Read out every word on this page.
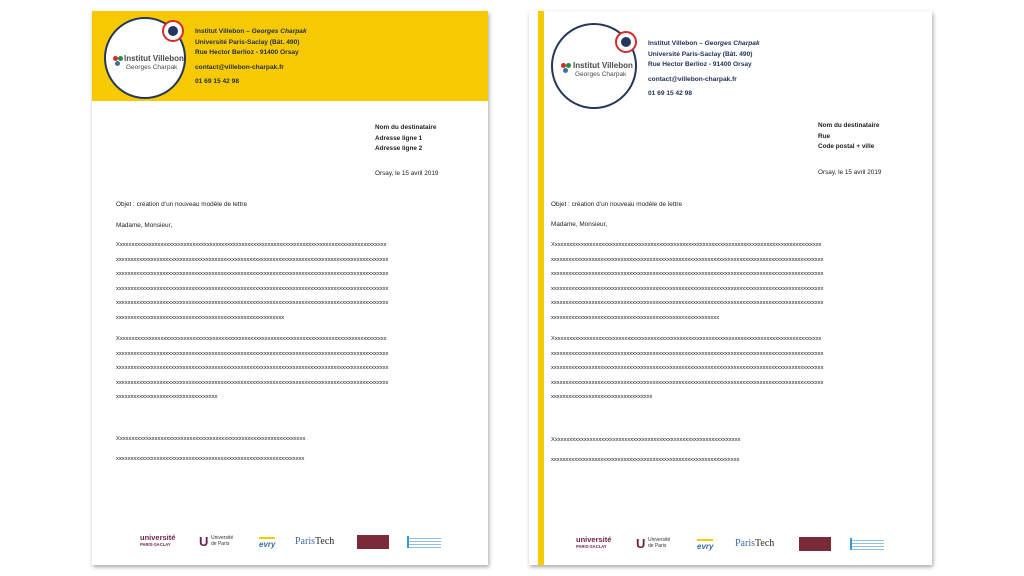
Institut Villebon
Georges Charpak
Institut Villebon – Georges Charpak
Université Paris-Saclay (Bât. 490)
Rue Hector Berlioz - 91400 Orsay
contact@villebon-charpak.fr
01 69 15 42 98
Nom du destinataire
Adresse ligne 1
Adresse ligne 2
Orsay, le 15 avril 2019
Objet : création d’un nouveau modèle de lettre
Madame, Monsieur,
Xxxxxxxxxxxxxxxxxxxxxxxxxxxxxxxxxxxxxxxxxxxxxxxxxxxxxxxxxxxxxxxxxxxxxxxxxxxxxxxxxxxxxxxxxxxxx
xxxxxxxxxxxxxxxxxxxxxxxxxxxxxxxxxxxxxxxxxxxxxxxxxxxxxxxxxxxxxxxxxxxxxxxxxxxxxxxxxxxxxxxxxxxxxx
xxxxxxxxxxxxxxxxxxxxxxxxxxxxxxxxxxxxxxxxxxxxxxxxxxxxxxxxxxxxxxxxxxxxxxxxxxxxxxxxxxxxxxxxxxxxxx
xxxxxxxxxxxxxxxxxxxxxxxxxxxxxxxxxxxxxxxxxxxxxxxxxxxxxxxxxxxxxxxxxxxxxxxxxxxxxxxxxxxxxxxxxxxxxx
xxxxxxxxxxxxxxxxxxxxxxxxxxxxxxxxxxxxxxxxxxxxxxxxxxxxxxxxxxxxxxxxxxxxxxxxxxxxxxxxxxxxxxxxxxxxxx
xxxxxxxxxxxxxxxxxxxxxxxxxxxxxxxxxxxxxxxxxxxxxxxxxxxxxxxxxx
Xxxxxxxxxxxxxxxxxxxxxxxxxxxxxxxxxxxxxxxxxxxxxxxxxxxxxxxxxxxxxxxxxxxxxxxxxxxxxxxxxxxxxxxxxxxxx
xxxxxxxxxxxxxxxxxxxxxxxxxxxxxxxxxxxxxxxxxxxxxxxxxxxxxxxxxxxxxxxxxxxxxxxxxxxxxxxxxxxxxxxxxxxxxx
xxxxxxxxxxxxxxxxxxxxxxxxxxxxxxxxxxxxxxxxxxxxxxxxxxxxxxxxxxxxxxxxxxxxxxxxxxxxxxxxxxxxxxxxxxxxxx
xxxxxxxxxxxxxxxxxxxxxxxxxxxxxxxxxxxxxxxxxxxxxxxxxxxxxxxxxxxxxxxxxxxxxxxxxxxxxxxxxxxxxxxxxxxxxx
xxxxxxxxxxxxxxxxxxxxxxxxxxxxxxxxxxx
Xxxxxxxxxxxxxxxxxxxxxxxxxxxxxxxxxxxxxxxxxxxxxxxxxxxxxxxxxxxxxxxxx
xxxxxxxxxxxxxxxxxxxxxxxxxxxxxxxxxxxxxxxxxxxxxxxxxxxxxxxxxxxxxxxxx
université
PARIS-SACLAY	U Université
de Paris	evry ParisTech
Institut Villebon
Georges Charpak
Institut Villebon – Georges Charpak
Université Paris-Saclay (Bât. 490)
Rue Hector Berlioz - 91400 Orsay
contact@villebon-charpak.fr
01 69 15 42 98
Nom du destinataire
Rue
Code postal + ville
Orsay, le 15 avril 2019
Objet : création d’un nouveau modèle de lettre
Madame, Monsieur,
Xxxxxxxxxxxxxxxxxxxxxxxxxxxxxxxxxxxxxxxxxxxxxxxxxxxxxxxxxxxxxxxxxxxxxxxxxxxxxxxxxxxxxxxxxxxxx
xxxxxxxxxxxxxxxxxxxxxxxxxxxxxxxxxxxxxxxxxxxxxxxxxxxxxxxxxxxxxxxxxxxxxxxxxxxxxxxxxxxxxxxxxxxxxx
xxxxxxxxxxxxxxxxxxxxxxxxxxxxxxxxxxxxxxxxxxxxxxxxxxxxxxxxxxxxxxxxxxxxxxxxxxxxxxxxxxxxxxxxxxxxxx
xxxxxxxxxxxxxxxxxxxxxxxxxxxxxxxxxxxxxxxxxxxxxxxxxxxxxxxxxxxxxxxxxxxxxxxxxxxxxxxxxxxxxxxxxxxxxx
xxxxxxxxxxxxxxxxxxxxxxxxxxxxxxxxxxxxxxxxxxxxxxxxxxxxxxxxxxxxxxxxxxxxxxxxxxxxxxxxxxxxxxxxxxxxxx
xxxxxxxxxxxxxxxxxxxxxxxxxxxxxxxxxxxxxxxxxxxxxxxxxxxxxxxxxx
Xxxxxxxxxxxxxxxxxxxxxxxxxxxxxxxxxxxxxxxxxxxxxxxxxxxxxxxxxxxxxxxxxxxxxxxxxxxxxxxxxxxxxxxxxxxxx
xxxxxxxxxxxxxxxxxxxxxxxxxxxxxxxxxxxxxxxxxxxxxxxxxxxxxxxxxxxxxxxxxxxxxxxxxxxxxxxxxxxxxxxxxxxxxx
xxxxxxxxxxxxxxxxxxxxxxxxxxxxxxxxxxxxxxxxxxxxxxxxxxxxxxxxxxxxxxxxxxxxxxxxxxxxxxxxxxxxxxxxxxxxxx
xxxxxxxxxxxxxxxxxxxxxxxxxxxxxxxxxxxxxxxxxxxxxxxxxxxxxxxxxxxxxxxxxxxxxxxxxxxxxxxxxxxxxxxxxxxxxx
xxxxxxxxxxxxxxxxxxxxxxxxxxxxxxxxxxx
Xxxxxxxxxxxxxxxxxxxxxxxxxxxxxxxxxxxxxxxxxxxxxxxxxxxxxxxxxxxxxxxxx
xxxxxxxxxxxxxxxxxxxxxxxxxxxxxxxxxxxxxxxxxxxxxxxxxxxxxxxxxxxxxxxxx
université
PARIS-SACLAY	U Université
de Paris	evry ParisTech
